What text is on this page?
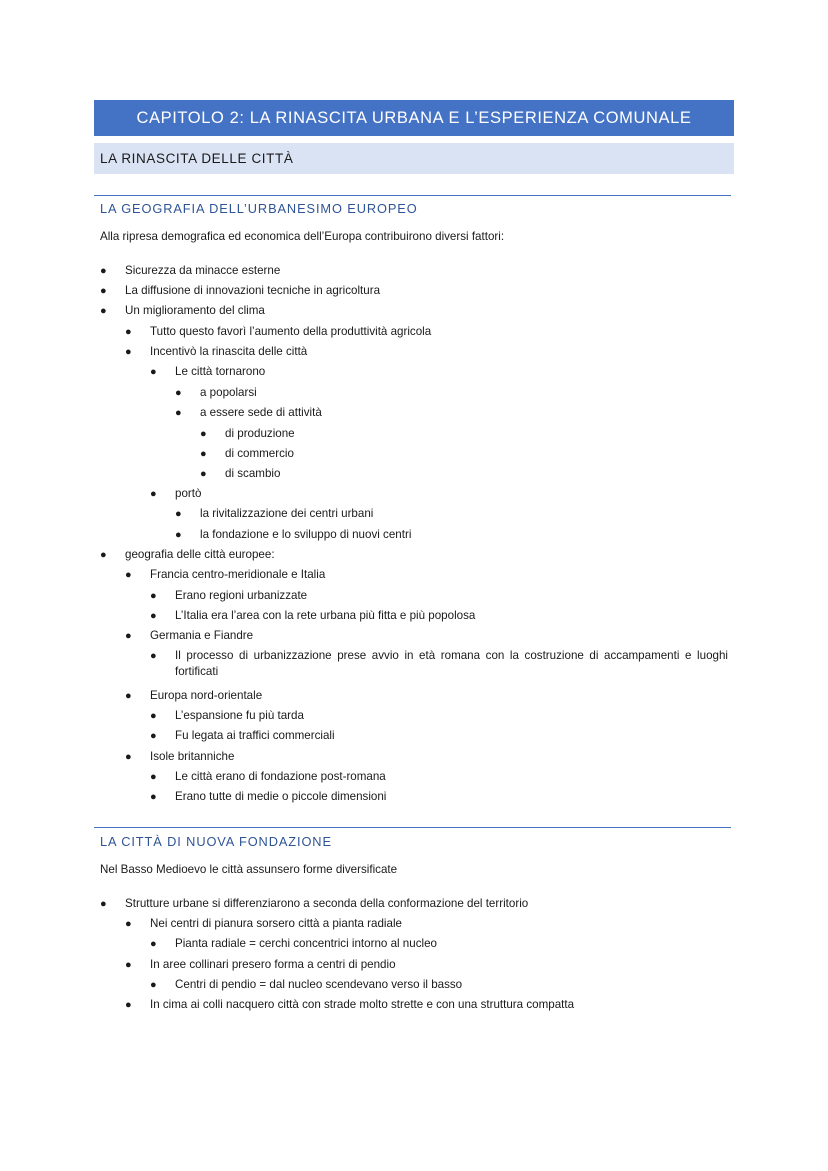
CAPITOLO 2: LA RINASCITA URBANA E L’ESPERIENZA COMUNALE
LA RINASCITA DELLE CITTÀ
LA GEOGRAFIA DELL’URBANESIMO EUROPEO
Alla ripresa demografica ed economica dell’Europa contribuirono diversi fattori:
● Sicurezza da minacce esterne
● La diffusione di innovazioni tecniche in agricoltura
● Un miglioramento del clima
● Tutto questo favorì l’aumento della produttività agricola
● Incentivò la rinascita delle città
● Le città tornarono
● a popolarsi
● a essere sede di attività
● di produzione
● di commercio
● di scambio
● portò
● la rivitalizzazione dei centri urbani
● la fondazione e lo sviluppo di nuovi centri
● geografia delle città europee:
● Francia centro-meridionale e Italia
● Erano regioni urbanizzate
● L’Italia era l’area con la rete urbana più fitta e più popolosa
● Germania e Fiandre
● Il processo di urbanizzazione prese avvio in età romana con la costruzione di accampamenti e luoghi fortificati
● Europa nord-orientale
● L’espansione fu più tarda
● Fu legata ai traffici commerciali
● Isole britanniche
● Le città erano di fondazione post-romana
● Erano tutte di medie o piccole dimensioni
LA CITTÀ DI NUOVA FONDAZIONE
Nel Basso Medioevo le città assunsero forme diversificate
● Strutture urbane si differenziarono a seconda della conformazione del territorio
● Nei centri di pianura sorsero città a pianta radiale
● Pianta radiale = cerchi concentrici intorno al nucleo
● In aree collinari presero forma a centri di pendio
● Centri di pendio = dal nucleo scendevano verso il basso
● In cima ai colli nacquero città con strade molto strette e con una struttura compatta
